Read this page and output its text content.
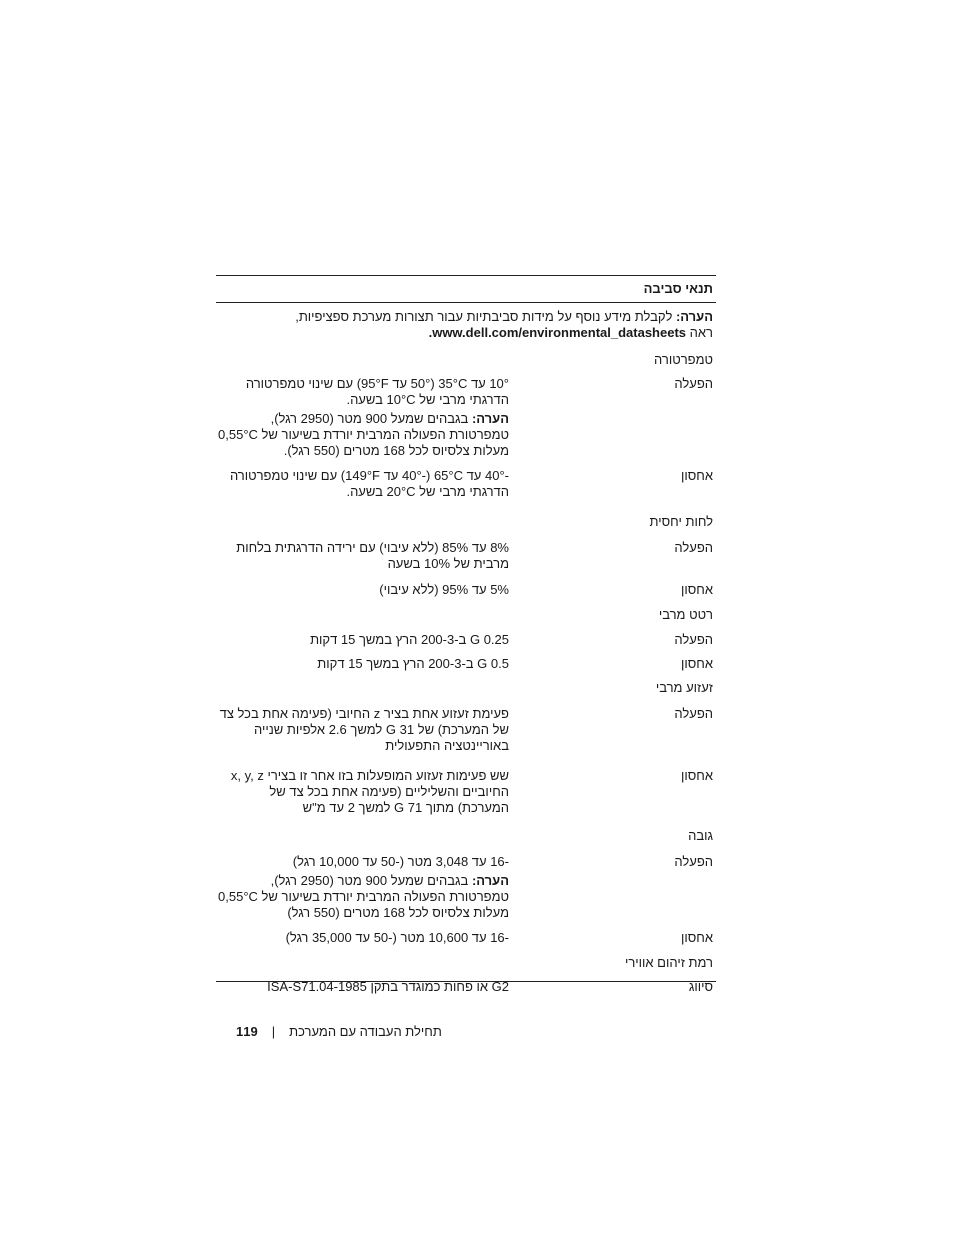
תנאי סביבה
הערה: לקבלת מידע נוסף על מידות סביבתיות עבור תצורות מערכת ספציפיות,
ראה www.dell.com/environmental_datasheets.
טמפרטורה
הפעלה

10° עד 35°C (50° עד 95°F) עם שינוי טמפרטורה הדרגתי מרבי של 10°C בשעה.

הערה: בגבהים שמעל 900 מטר (2950 רגל), טמפרטורת הפעולה המרבית יורדת בשיעור של 0,55°C מעלות צלסיוס לכל 168 מטרים (550 רגל).

אחסון
-40° עד 65°C (-40° עד 149°F) עם שינוי טמפרטורה הדרגתי מרבי של 20°C בשעה.
לחות יחסית
הפעלה
8% עד 85% (ללא עיבוי) עם ירידה הדרגתית בלחות מרבית של 10% בשעה
אחסון
5% עד 95% (ללא עיבוי)
רטט מרבי
הפעלה
0.25 G ב-200-3 הרץ במשך 15 דקות
אחסון
0.5 G ב-200-3 הרץ במשך 15 דקות
זעזוע מרבי
הפעלה
פעימת זעזוע אחת בציר z החיובי (פעימה אחת בכל צד של המערכת) של 31 G למשך 2.6 אלפיות שנייה באוריינטציה התפעולית
אחסון
שש פעימות זעזוע המופעלות בזו אחר זו בצירי x, y, z החיוביים והשליליים (פעימה אחת בכל צד של המערכת) מתוך 71 G למשך 2 עד מ"ש
גובה
הפעלה

-16 עד 3,048 מטר (-50 עד 10,000 רגל)

הערה: בגבהים שמעל 900 מטר (2950 רגל), טמפרטורת הפעולה המרבית יורדת בשיעור של 0,55°C מעלות צלסיוס לכל 168 מטרים (550 רגל)

אחסון
-16 עד 10,600 מטר (-50 עד 35,000 רגל)
רמת זיהום אווירי
סיווג
G2 או פחות כמוגדר בתקן ISA-S71.04-1985
119 | תחילת העבודה עם המערכת
